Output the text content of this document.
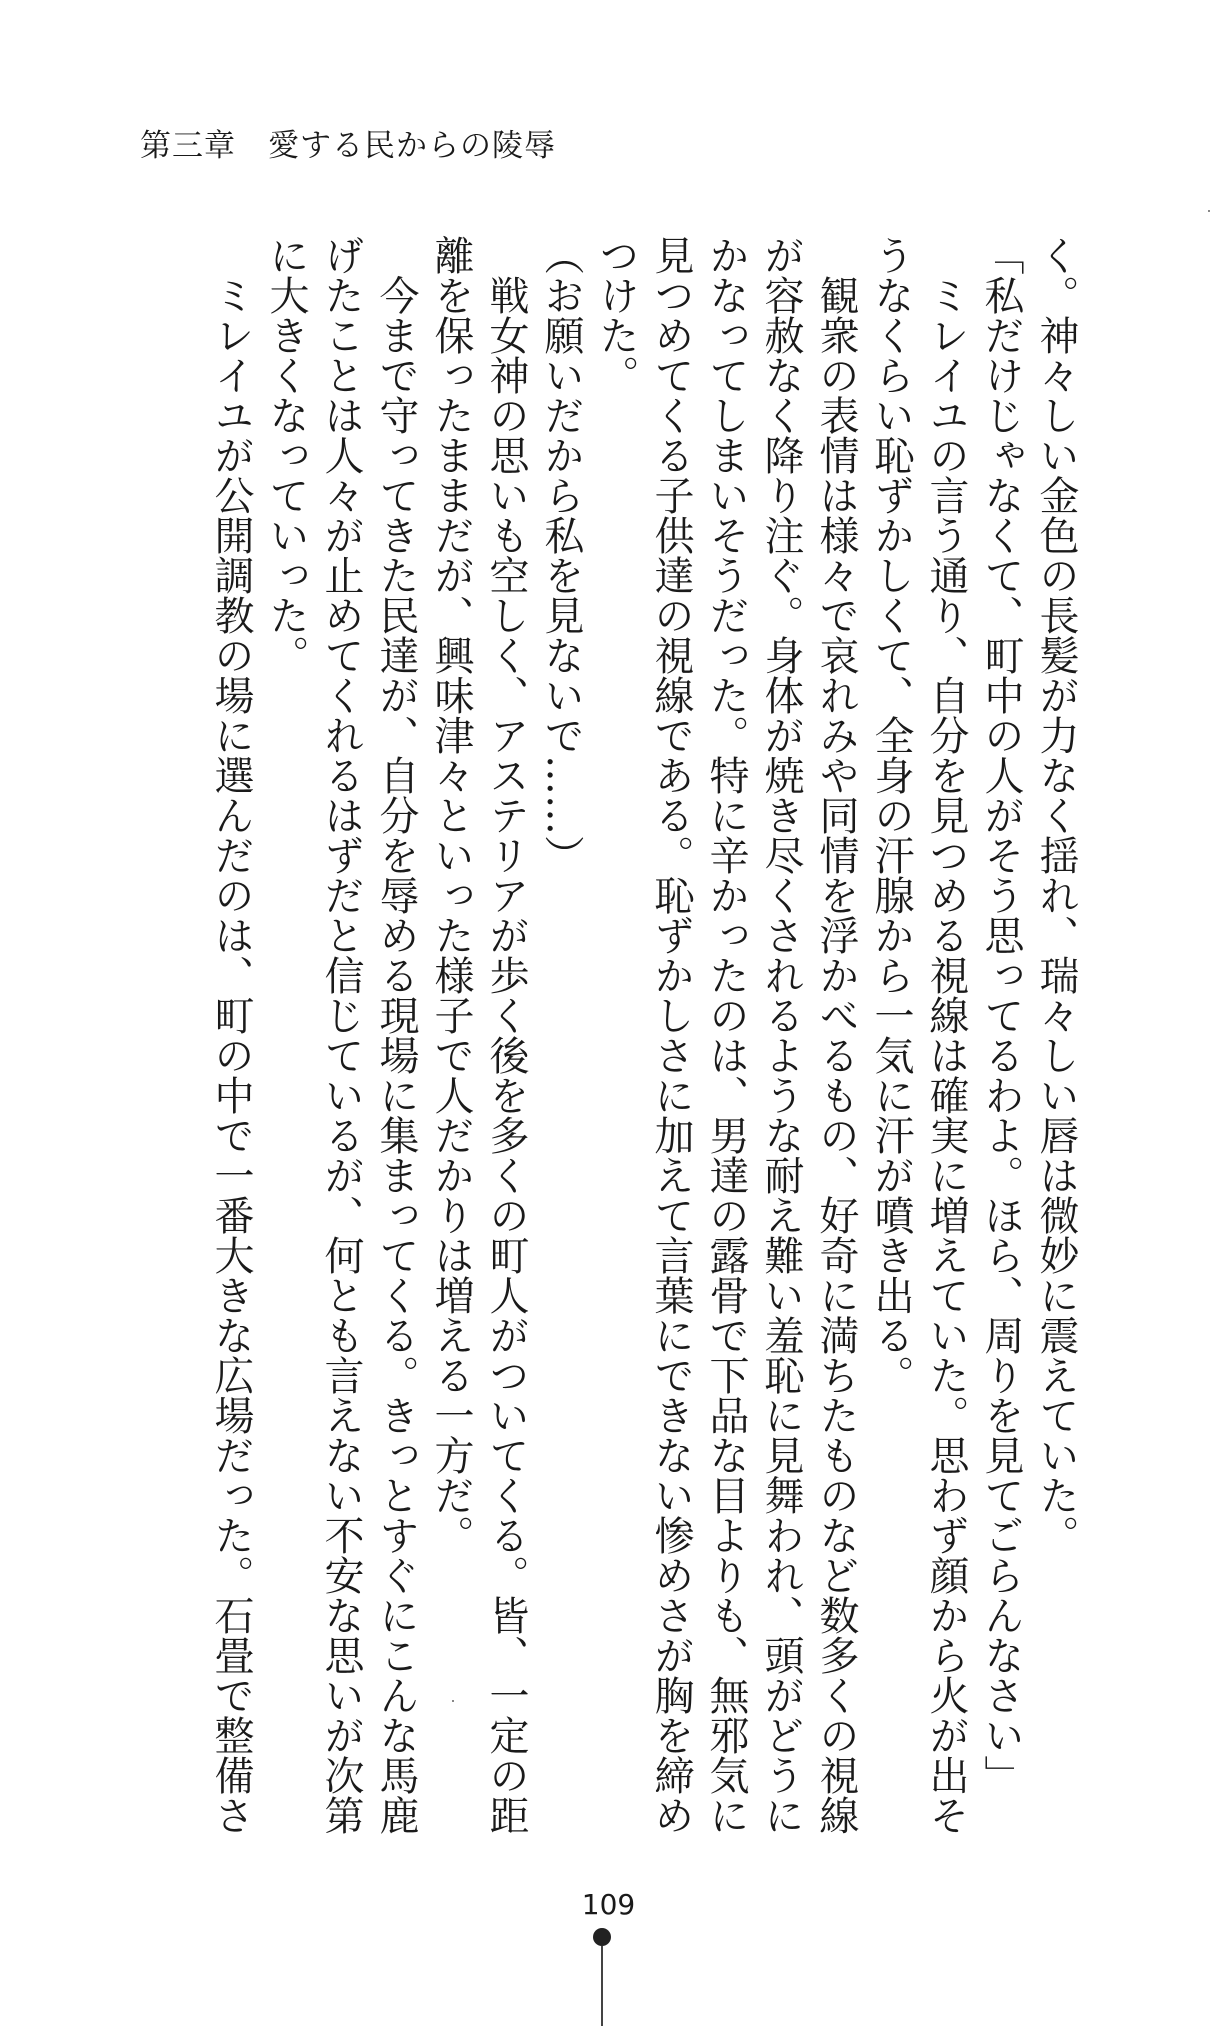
第三章　愛する民からの陵辱
く。神々しい金色の長髪が力なく揺れ、瑞々しい唇は微妙に震えていた。
「私だけじゃなくて、町中の人がそう思ってるわよ。ほら、周りを見てごらんなさい」
　ミレイユの言う通り、自分を見つめる視線は確実に増えていた。思わず顔から火が出そ
うなくらい恥ずかしくて、全身の汗腺から一気に汗が噴き出る。
　観衆の表情は様々で哀れみや同情を浮かべるもの、好奇に満ちたものなど数多くの視線
が容赦なく降り注ぐ。身体が焼き尽くされるような耐え難い羞恥に見舞われ、頭がどうに
かなってしまいそうだった。特に辛かったのは、男達の露骨で下品な目よりも、無邪気に
見つめてくる子供達の視線である。恥ずかしさに加えて言葉にできない惨めさが胸を締め
つけた。
（お願いだから私を見ないで……）
　戦女神の思いも空しく、アステリアが歩く後を多くの町人がついてくる。皆、一定の距
離を保ったままだが、興味津々といった様子で人だかりは増える一方だ。
　今まで守ってきた民達が、自分を辱める現場に集まってくる。きっとすぐにこんな馬鹿
げたことは人々が止めてくれるはずだと信じているが、何とも言えない不安な思いが次第
に大きくなっていった。
　ミレイユが公開調教の場に選んだのは、町の中で一番大きな広場だった。石畳で整備さ
109
